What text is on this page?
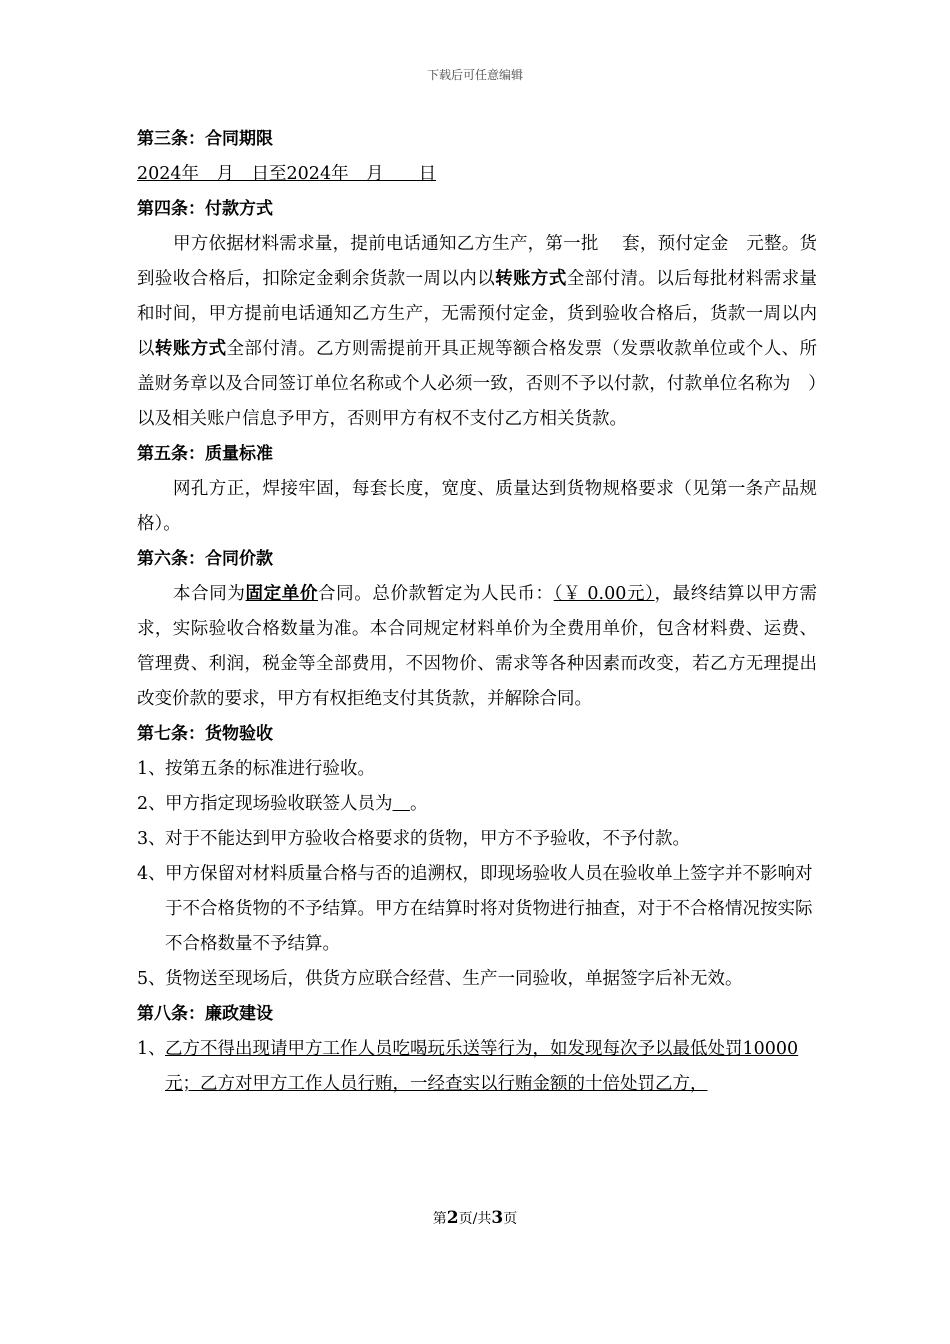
下载后可任意编辑

第三条：合同期限

2024年　月　日至2024年　月　　日

第四条：付款方式

甲方依据材料需求量，提前电话通知乙方生产，第一批　 套，预付定金　元整。货到验收合格后，扣除定金剩余货款一周以内以转账方式全部付清。以后每批材料需求量和时间，甲方提前电话通知乙方生产，无需预付定金，货到验收合格后，货款一周以内以转账方式全部付清。乙方则需提前开具正规等额合格发票（发票收款单位或个人、所盖财务章以及合同签订单位名称或个人必须一致，否则不予以付款，付款单位名称为　）以及相关账户信息予甲方，否则甲方有权不支付乙方相关货款。

第五条：质量标准

网孔方正，焊接牢固，每套长度，宽度、质量达到货物规格要求（见第一条产品规格）。

第六条：合同价款

本合同为固定单价合同。总价款暂定为人民币：（￥ 0.00元），最终结算以甲方需求，实际验收合格数量为准。本合同规定材料单价为全费用单价，包含材料费、运费、管理费、利润，税金等全部费用，不因物价、需求等各种因素而改变，若乙方无理提出改变价款的要求，甲方有权拒绝支付其货款，并解除合同。

第七条：货物验收

1、 按第五条的标准进行验收。
2、 甲方指定现场验收联签人员为  。
3、 对于不能达到甲方验收合格要求的货物，甲方不予验收，不予付款。
4、 甲方保留对材料质量合格与否的追溯权，即现场验收人员在验收单上签字并不影响对于不合格货物的不予结算。甲方在结算时将对货物进行抽查，对于不合格情况按实际不合格数量不予结算。
5、 货物送至现场后，供货方应联合经营、生产一同验收，单据签字后补无效。

第八条：廉政建设

1、 乙方不得出现请甲方工作人员吃喝玩乐送等行为，如发现每次予以最低处罚10000元；乙方对甲方工作人员行贿，一经查实以行贿金额的十倍处罚乙方，
第2页/共3页
